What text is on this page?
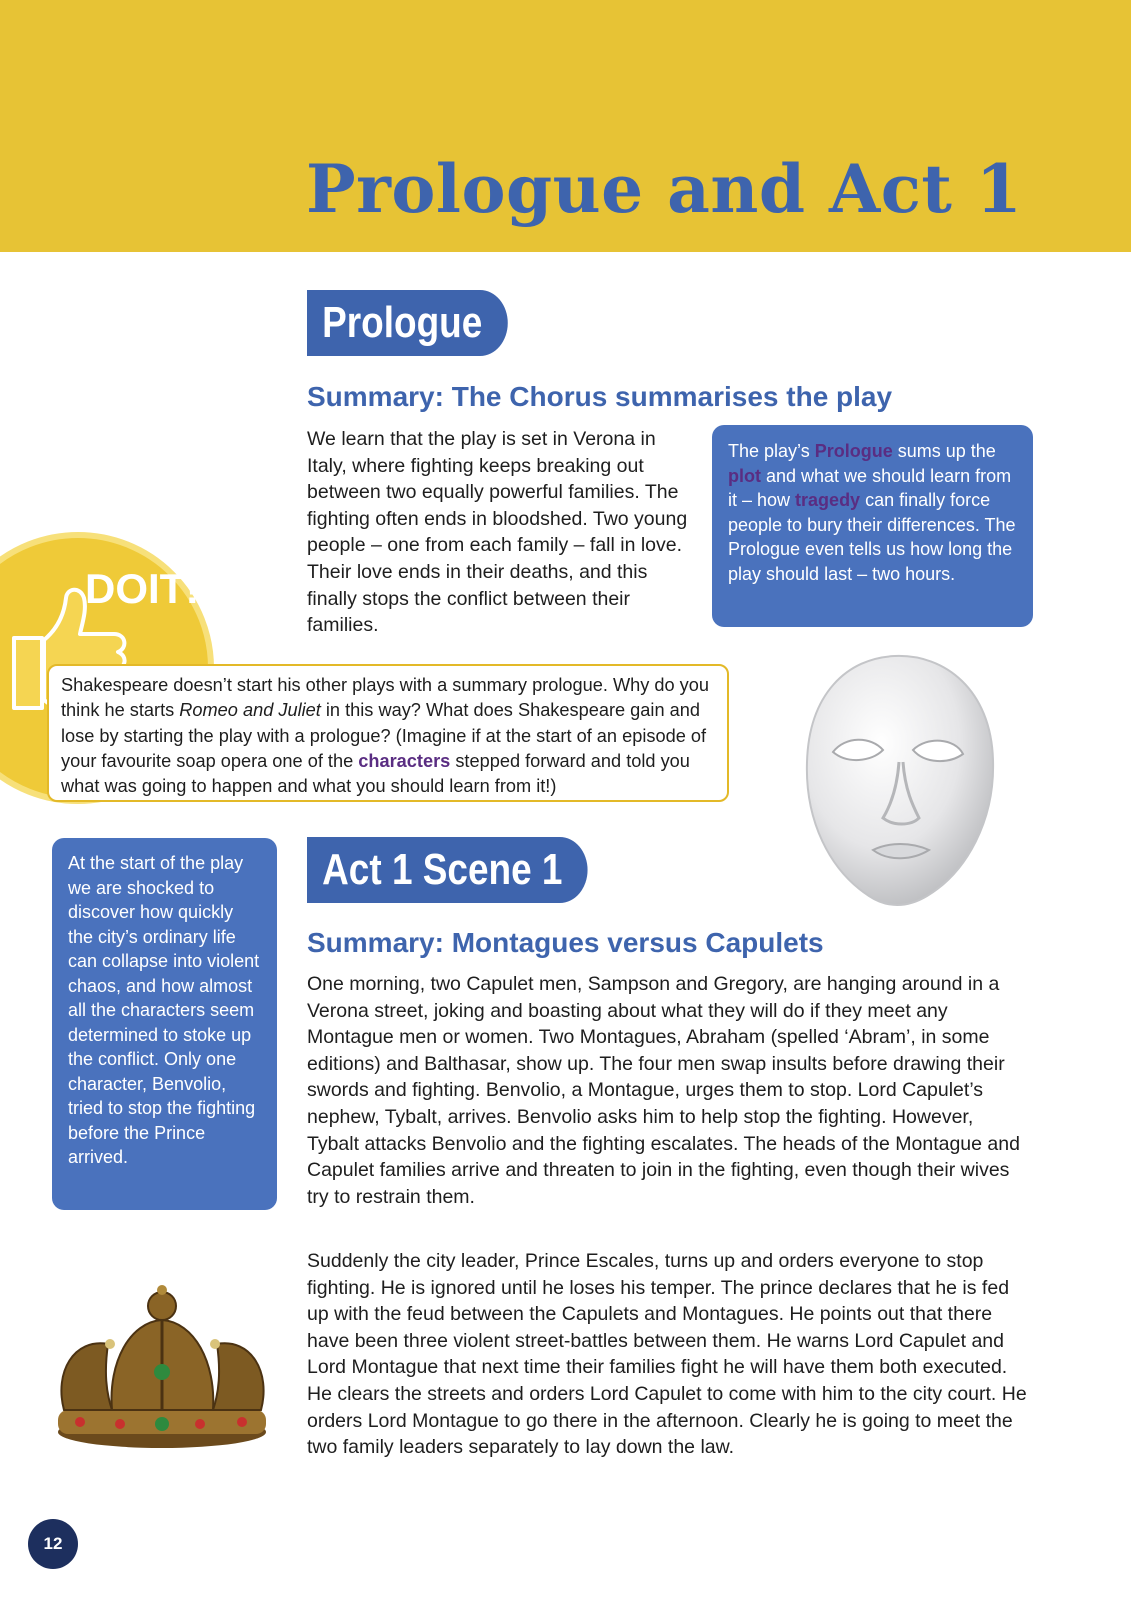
Prologue and Act 1
Prologue
Summary: The Chorus summarises the play

We learn that the play is set in Verona in Italy, where fighting keeps breaking out between two equally powerful families. The fighting often ends in bloodshed. Two young people – one from each family – fall in love. Their love ends in their deaths, and this finally stops the conflict between their families.

The play’s Prologue sums up the plot and what we should learn from it – how tragedy can finally force people to bury their differences. The Prologue even tells us how long the play should last – two hours.
DOIT!
Shakespeare doesn’t start his other plays with a summary prologue. Why do you think he starts Romeo and Juliet in this way? What does Shakespeare gain and lose by starting the play with a prologue? (Imagine if at the start of an episode of your favourite soap opera one of the characters stepped forward and told you what was going to happen and what you should learn from it!)
At the start of the play we are shocked to discover how quickly the city’s ordinary life can collapse into violent chaos, and how almost all the characters seem determined to stoke up the conflict. Only one character, Benvolio, tried to stop the fighting before the Prince arrived.
Act 1 Scene 1
Summary: Montagues versus Capulets

One morning, two Capulet men, Sampson and Gregory, are hanging around in a Verona street, joking and boasting about what they will do if they meet any Montague men or women. Two Montagues, Abraham (spelled ‘Abram’, in some editions) and Balthasar, show up. The four men swap insults before drawing their swords and fighting. Benvolio, a Montague, urges them to stop. Lord Capulet’s nephew, Tybalt, arrives. Benvolio asks him to help stop the fighting. However, Tybalt attacks Benvolio and the fighting escalates. The heads of the Montague and Capulet families arrive and threaten to join in the fighting, even though their wives try to restrain them.

Suddenly the city leader, Prince Escales, turns up and orders everyone to stop fighting. He is ignored until he loses his temper. The prince declares that he is fed up with the feud between the Capulets and Montagues. He points out that there have been three violent street-battles between them. He warns Lord Capulet and Lord Montague that next time their families fight he will have them both executed. He clears the streets and orders Lord Capulet to come with him to the city court. He orders Lord Montague to go there in the afternoon. Clearly he is going to meet the two family leaders separately to lay down the law.

12
